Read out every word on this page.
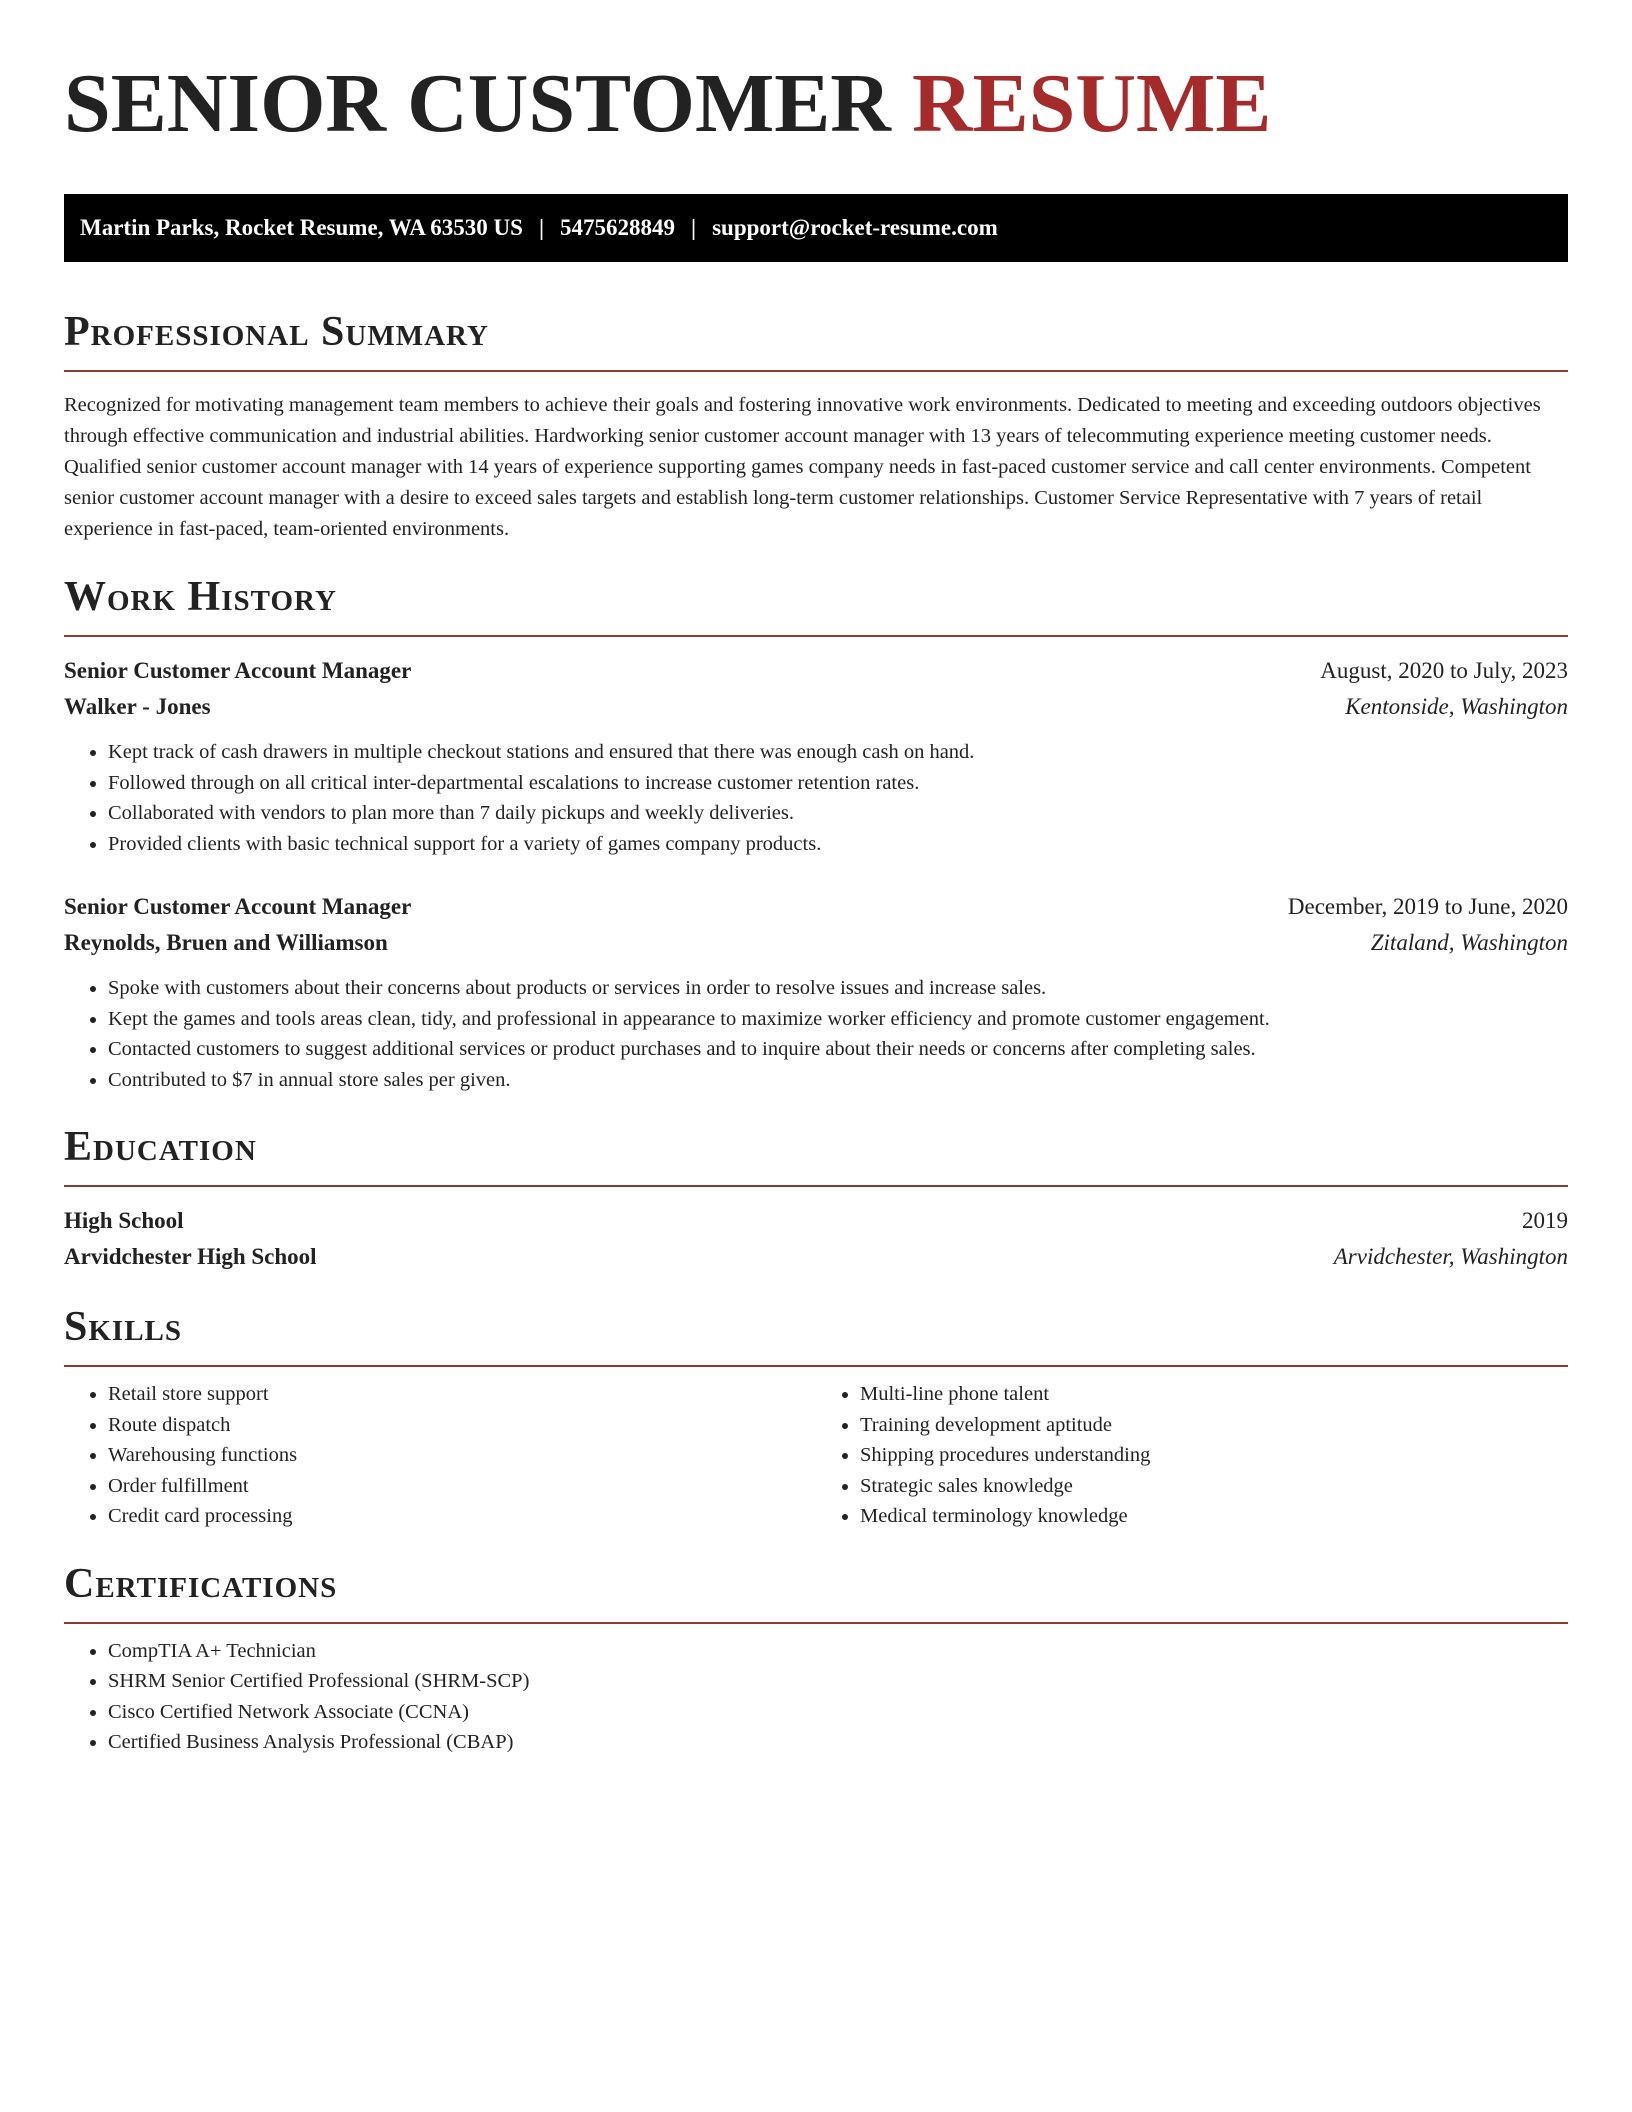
SENIOR CUSTOMER RESUME
Martin Parks, Rocket Resume, WA 63530 US | 5475628849 | support@rocket-resume.com
Professional Summary

Recognized for motivating management team members to achieve their goals and fostering innovative work environments. Dedicated to meeting and exceeding outdoors objectives through effective communication and industrial abilities. Hardworking senior customer account manager with 13 years of telecommuting experience meeting customer needs. Qualified senior customer account manager with 14 years of experience supporting games company needs in fast-paced customer service and call center environments. Competent senior customer account manager with a desire to exceed sales targets and establish long-term customer relationships. Customer Service Representative with 7 years of retail experience in fast-paced, team-oriented environments.

Work History
Senior Customer Account Manager	August, 2020 to July, 2023
Walker - Jones	Kentonside, Washington
• Kept track of cash drawers in multiple checkout stations and ensured that there was enough cash on hand.
• Followed through on all critical inter-departmental escalations to increase customer retention rates.
• Collaborated with vendors to plan more than 7 daily pickups and weekly deliveries.
• Provided clients with basic technical support for a variety of games company products.
Senior Customer Account Manager	December, 2019 to June, 2020
Reynolds, Bruen and Williamson	Zitaland, Washington
• Spoke with customers about their concerns about products or services in order to resolve issues and increase sales.
• Kept the games and tools areas clean, tidy, and professional in appearance to maximize worker efficiency and promote customer engagement.
• Contacted customers to suggest additional services or product purchases and to inquire about their needs or concerns after completing sales.
• Contributed to $7 in annual store sales per given.
Education
High School	2019
Arvidchester High School	Arvidchester, Washington
Skills
• Retail store support
• Route dispatch
• Warehousing functions
• Order fulfillment
• Credit card processing
• Multi-line phone talent
• Training development aptitude
• Shipping procedures understanding
• Strategic sales knowledge
• Medical terminology knowledge
Certifications
• CompTIA A+ Technician
• SHRM Senior Certified Professional (SHRM-SCP)
• Cisco Certified Network Associate (CCNA)
• Certified Business Analysis Professional (CBAP)
